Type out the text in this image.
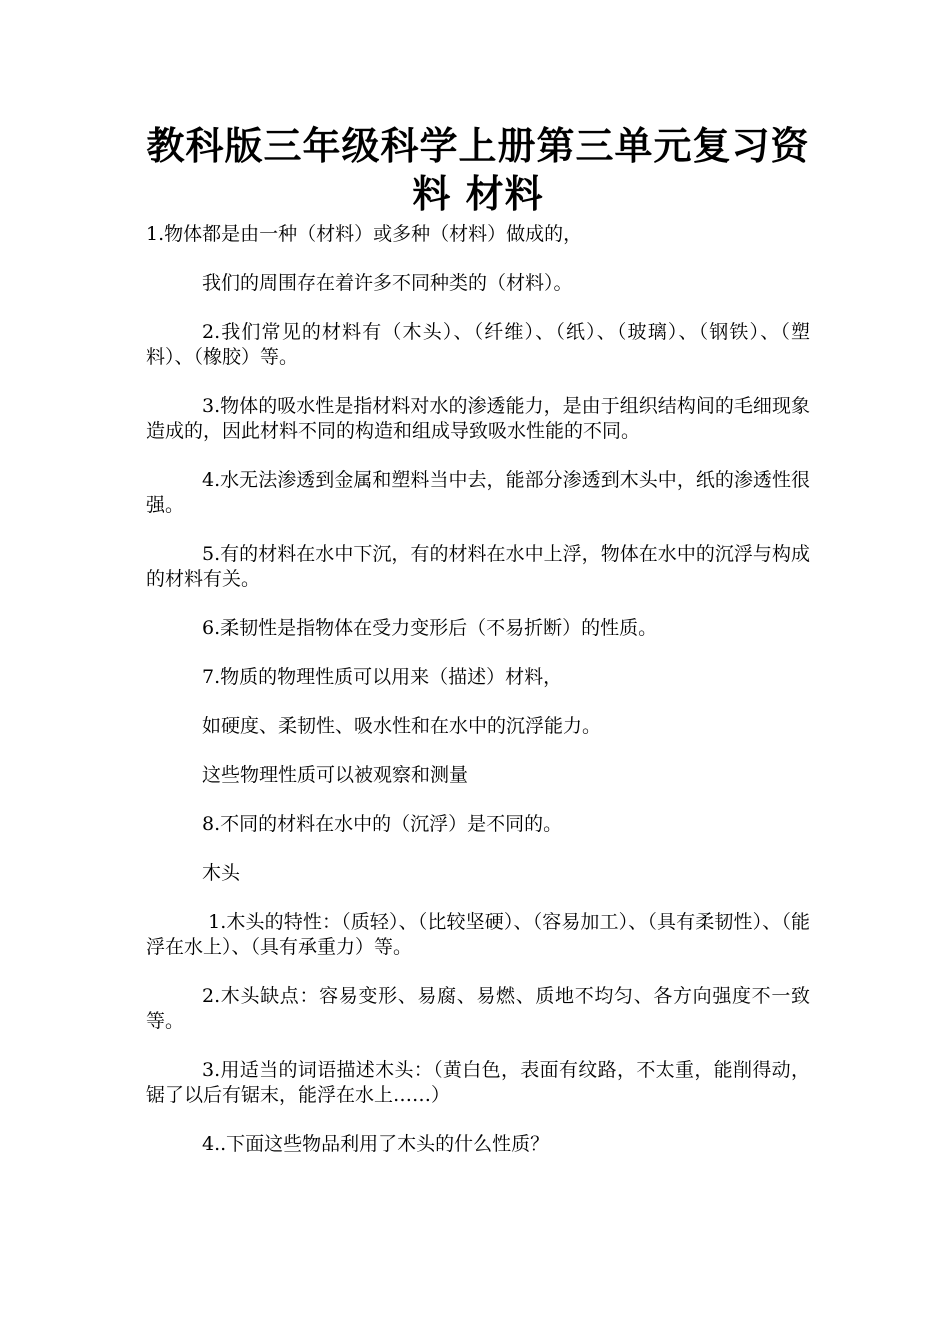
教科版三年级科学上册第三单元复习资
料 材料

1.物体都是由一种（材料）或多种（材料）做成的，

我们的周围存在着许多不同种类的（材料）。

2.我们常见的材料有（木头）、（纤维）、（纸）、（玻璃）、（钢铁）、（塑料）、（橡胶）等。

3.物体的吸水性是指材料对水的渗透能力，是由于组织结构间的毛细现象造成的，因此材料不同的构造和组成导致吸水性能的不同。

4.水无法渗透到金属和塑料当中去，能部分渗透到木头中，纸的渗透性很强。

5.有的材料在水中下沉，有的材料在水中上浮，物体在水中的沉浮与构成的材料有关。

6.柔韧性是指物体在受力变形后（不易折断）的性质。

7.物质的物理性质可以用来（描述）材料，

如硬度、柔韧性、吸水性和在水中的沉浮能力。

这些物理性质可以被观察和测量

8.不同的材料在水中的（沉浮）是不同的。

木头

1.木头的特性：（质轻）、（比较坚硬）、（容易加工）、（具有柔韧性）、（能浮在水上）、（具有承重力）等。

2.木头缺点：容易变形、易腐、易燃、质地不均匀、各方向强度不一致等。

3.用适当的词语描述木头：（黄白色，表面有纹路，不太重，能削得动，锯了以后有锯末，能浮在水上……）

4..下面这些物品利用了木头的什么性质？
